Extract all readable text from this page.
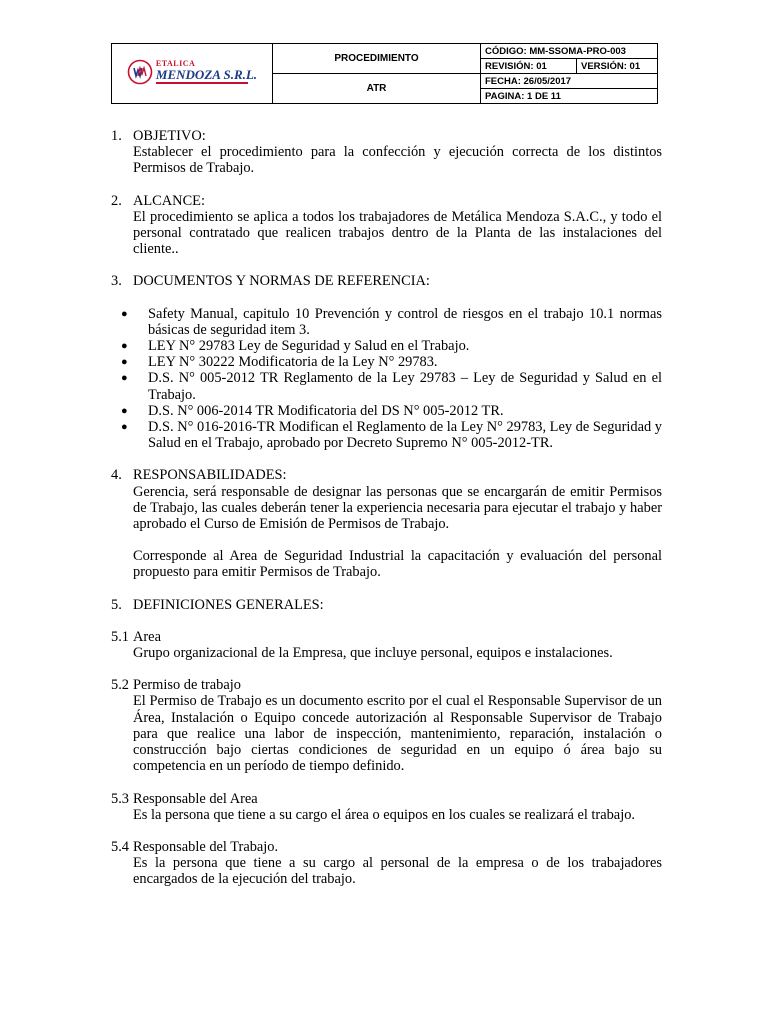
ETALICA
MENDOZA S.R.L.	PROCEDIMIENTO	CÓDIGO: MM-SSOMA-PRO-003	
		REVISIÓN: 01	VERSIÓN: 01
	ATR	FECHA: 26/05/2017	
		PAGINA: 1 DE 11	
1. OBJETIVO:
Establecer el procedimiento para la confección y ejecución correcta de los distintos Permisos de Trabajo.
2. ALCANCE:
El procedimiento se aplica a todos los trabajadores de Metálica Mendoza S.A.C., y todo el personal contratado que realicen trabajos dentro de la Planta de las instalaciones del cliente..
3. DOCUMENTOS Y NORMAS DE REFERENCIA:
● Safety Manual, capitulo 10 Prevención y control de riesgos en el trabajo 10.1 normas básicas de seguridad item 3.
● LEY N° 29783 Ley de Seguridad y Salud en el Trabajo.
● LEY N° 30222 Modificatoria de la Ley N° 29783.
● D.S. N° 005-2012 TR Reglamento de la Ley 29783 – Ley de Seguridad y Salud en el Trabajo.
● D.S. N° 006-2014 TR Modificatoria del DS N° 005-2012 TR.
● D.S. N° 016-2016-TR Modifican el Reglamento de la Ley N° 29783, Ley de Seguridad y Salud en el Trabajo, aprobado por Decreto Supremo N° 005-2012-TR.
4. RESPONSABILIDADES:
Gerencia, será responsable de designar las personas que se encargarán de emitir Permisos de Trabajo, las cuales deberán tener la experiencia necesaria para ejecutar el trabajo y haber aprobado el Curso de Emisión de Permisos de Trabajo.
Corresponde al Area de Seguridad Industrial la capacitación y evaluación del personal propuesto para emitir Permisos de Trabajo.
5. DEFINICIONES GENERALES:
5.1 Area
Grupo organizacional de la Empresa, que incluye personal, equipos e instalaciones.
5.2 Permiso de trabajo
El Permiso de Trabajo es un documento escrito por el cual el Responsable Supervisor de un Área, Instalación o Equipo concede autorización al Responsable Supervisor de Trabajo para que realice una labor de inspección, mantenimiento, reparación, instalación o construcción bajo ciertas condiciones de seguridad en un equipo ó área bajo su competencia en un período de tiempo definido.
5.3 Responsable del Area
Es la persona que tiene a su cargo el área o equipos en los cuales se realizará el trabajo.
5.4 Responsable del Trabajo.
Es la persona que tiene a su cargo al personal de la empresa o de los trabajadores encargados de la ejecución del trabajo.
